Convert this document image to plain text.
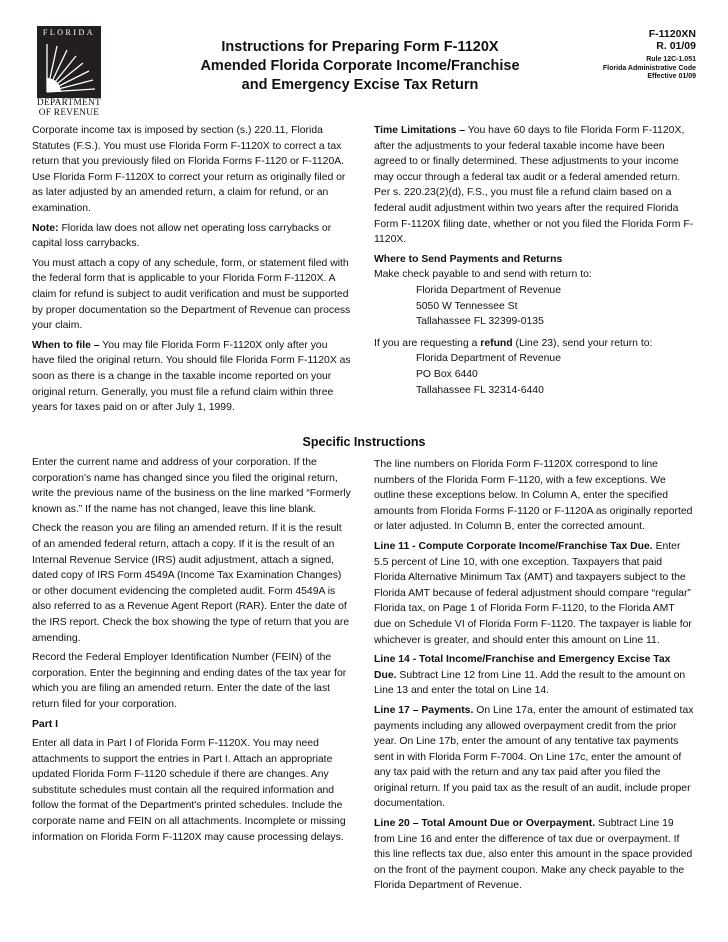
FLORIDA
DEPARTMENT
OF REVENUE
Instructions for Preparing Form F-1120X
Amended Florida Corporate Income/Franchise
and Emergency Excise Tax Return
F-1120XN
R. 01/09
Rule 12C-1.051
Florida Administrative Code
Effective 01/09

Corporate income tax is imposed by section (s.) 220.11, Florida Statutes (F.S.). You must use Florida Form F-1120X to correct a tax return that you previously filed on Florida Forms F-1120 or F-1120A. Use Florida Form F-1120X to correct your return as originally filed or as later adjusted by an amended return, a claim for refund, or an examination.

Note: Florida law does not allow net operating loss carrybacks or capital loss carrybacks.

You must attach a copy of any schedule, form, or statement filed with the federal form that is applicable to your Florida Form F-1120X. A claim for refund is subject to audit verification and must be supported by proper documentation so the Department of Revenue can process your claim.

When to file – You may file Florida Form F-1120X only after you have filed the original return. You should file Florida Form F-1120X as soon as there is a change in the taxable income reported on your original return. Generally, you must file a refund claim within three years for taxes paid on or after July 1, 1999.

Time Limitations – You have 60 days to file Florida Form F-1120X, after the adjustments to your federal taxable income have been agreed to or finally determined. These adjustments to your income may occur through a federal tax audit or a federal amended return. Per s. 220.23(2)(d), F.S., you must file a refund claim based on a federal audit adjustment within two years after the required Florida Form F-1120X filing date, whether or not you filed the Florida Form F-1120X.

Where to Send Payments and Returns

Make check payable to and send with return to:
Florida Department of Revenue
5050 W Tennessee St
Tallahassee FL 32399-0135

If you are requesting a refund (Line 23), send your return to:

Florida Department of Revenue
PO Box 6440
Tallahassee FL 32314-6440
Specific Instructions

Enter the current name and address of your corporation. If the corporation's name has changed since you filed the original return, write the previous name of the business on the line marked “Formerly known as.” If the name has not changed, leave this line blank.

Check the reason you are filing an amended return. If it is the result of an amended federal return, attach a copy. If it is the result of an Internal Revenue Service (IRS) audit adjustment, attach a signed, dated copy of IRS Form 4549A (Income Tax Examination Changes) or other document evidencing the completed audit. Form 4549A is also referred to as a Revenue Agent Report (RAR). Enter the date of the IRS report. Check the box showing the type of return that you are amending.

Record the Federal Employer Identification Number (FEIN) of the corporation. Enter the beginning and ending dates of the tax year for which you are filing an amended return. Enter the date of the last return filed for your corporation.

Part I

Enter all data in Part I of Florida Form F-1120X. You may need attachments to support the entries in Part I. Attach an appropriate updated Florida Form F-1120 schedule if there are changes. Any substitute schedules must contain all the required information and follow the format of the Department's printed schedules. Include the corporate name and FEIN on all attachments. Incomplete or missing information on Florida Form F-1120X may cause processing delays.

The line numbers on Florida Form F-1120X correspond to line numbers of the Florida Form F-1120, with a few exceptions. We outline these exceptions below. In Column A, enter the specified amounts from Florida Forms F-1120 or F-1120A as originally reported or later adjusted. In Column B, enter the corrected amount.

Line 11 - Compute Corporate Income/Franchise Tax Due. Enter 5.5 percent of Line 10, with one exception. Taxpayers that paid Florida Alternative Minimum Tax (AMT) and taxpayers subject to the Florida AMT because of federal adjustment should compare “regular” Florida tax, on Page 1 of Florida Form F-1120, to the Florida AMT due on Schedule VI of Florida Form F-1120. The taxpayer is liable for whichever is greater, and should enter this amount on Line 11.

Line 14 - Total Income/Franchise and Emergency Excise Tax Due. Subtract Line 12 from Line 11. Add the result to the amount on Line 13 and enter the total on Line 14.

Line 17 – Payments. On Line 17a, enter the amount of estimated tax payments including any allowed overpayment credit from the prior year. On Line 17b, enter the amount of any tentative tax payments sent in with Florida Form F-7004. On Line 17c, enter the amount of any tax paid with the return and any tax paid after you filed the original return. If you paid tax as the result of an audit, include proper documentation.

Line 20 – Total Amount Due or Overpayment. Subtract Line 19 from Line 16 and enter the difference of tax due or overpayment. If this line reflects tax due, also enter this amount in the space provided on the front of the payment coupon. Make any check payable to the Florida Department of Revenue.
